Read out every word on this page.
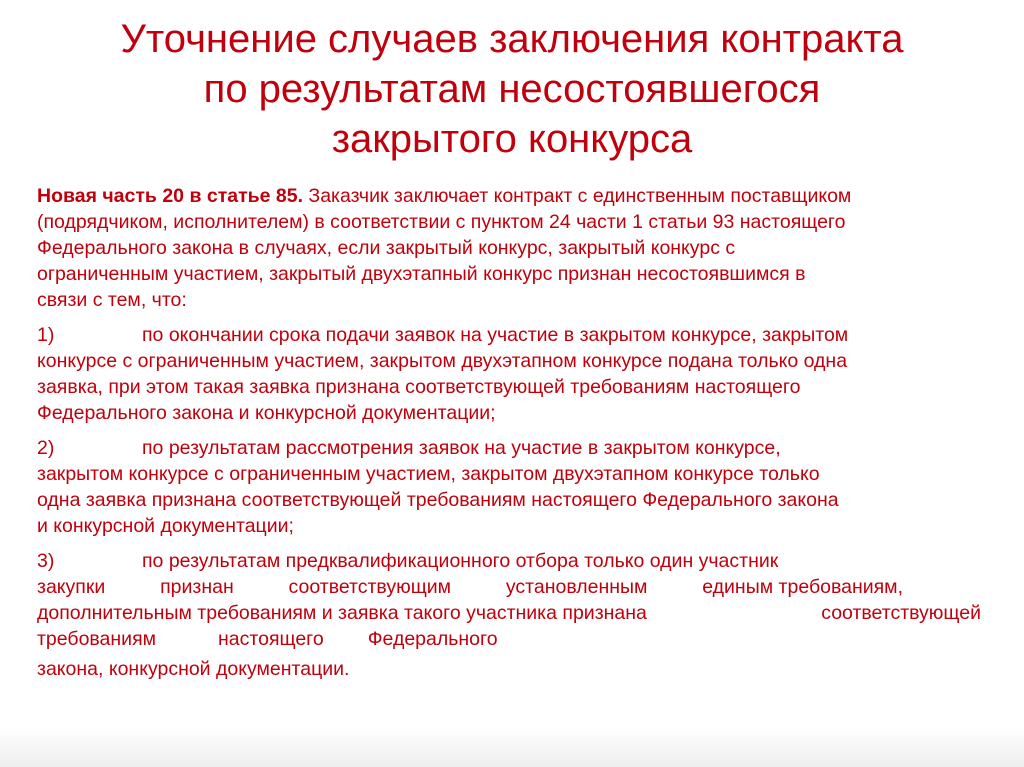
Уточнение случаев заключения контракта
по результатам несостоявшегося
закрытого конкурса

Новая часть 20 в статье 85. Заказчик заключает контракт с единственным поставщиком
(подрядчиком, исполнителем) в соответствии с пунктом 24 части 1 статьи 93 настоящего
Федерального закона в случаях, если закрытый конкурс, закрытый конкурс с
ограниченным участием, закрытый двухэтапный конкурс признан несостоявшимся в
связи с тем, что:

1)	по окончании срока подачи заявок на участие в закрытом конкурсе, закрытом
конкурсе с ограниченным участием, закрытом двухэтапном конкурсе подана только одна
заявка, при этом такая заявка признана соответствующей требованиям настоящего
Федерального закона и конкурсной документации;

2)	по результатам рассмотрения заявок на участие в закрытом конкурсе,
закрытом конкурсе с ограниченным участием, закрытом двухэтапном конкурсе только
одна заявка признана соответствующей требованиям настоящего Федерального закона
и конкурсной документации;

3)	по результатам предквалификационного отбора только один участник
закупки	признан	соответствующим	установленным	единым требованиям,
дополнительным требованиям и заявка такого участника признана	соответствующей
требованиям	настоящего Федерального

закона, конкурсной документации.
